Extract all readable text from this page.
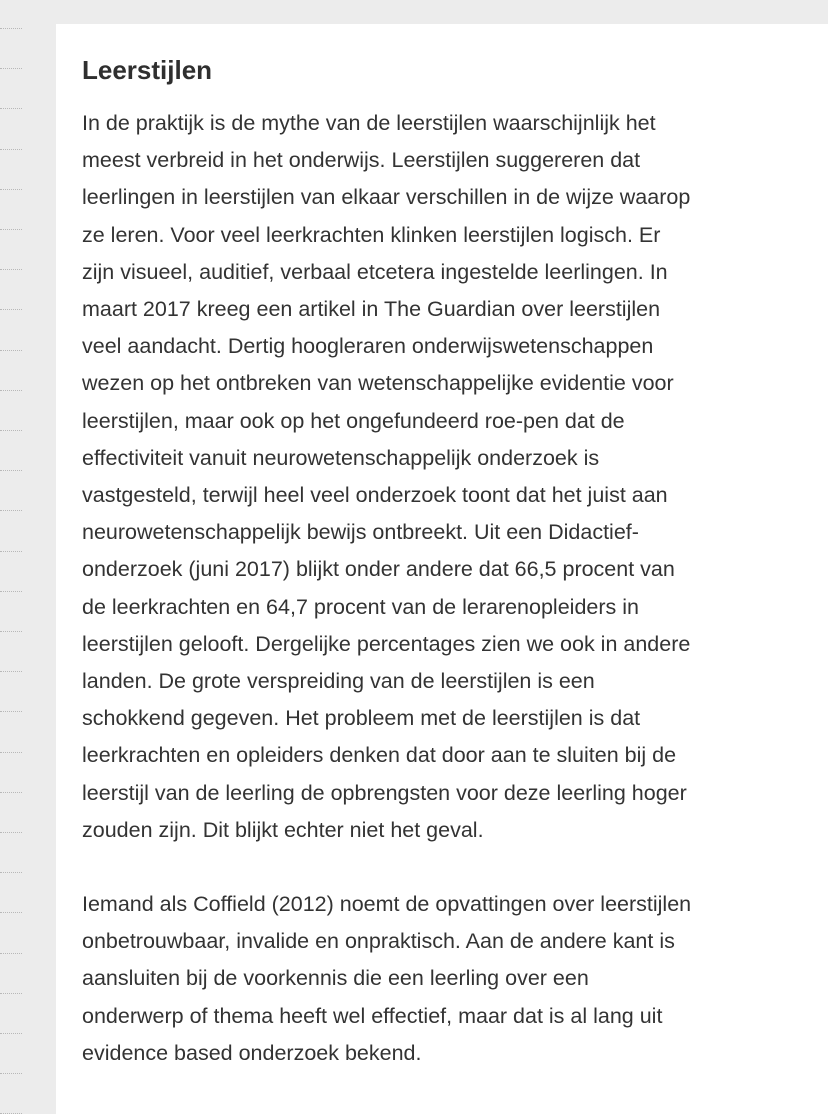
Leerstijlen

In de praktijk is de mythe van de leerstijlen waarschijnlijk het
meest verbreid in het onderwijs. Leerstijlen suggereren dat
leerlingen in leerstijlen van elkaar verschillen in de wijze waarop
ze leren. Voor veel leerkrachten klinken leerstijlen logisch. Er
zijn visueel, auditief, verbaal etcetera ingestelde leerlingen. In
maart 2017 kreeg een artikel in The Guardian over leerstijlen
veel aandacht. Dertig hoogleraren onderwijswetenschappen
wezen op het ontbreken van wetenschappelijke evidentie voor
leerstijlen, maar ook op het ongefundeerd roe-pen dat de
effectiviteit vanuit neurowetenschappelijk onderzoek is
vastgesteld, terwijl heel veel onderzoek toont dat het juist aan
neurowetenschappelijk bewijs ontbreekt. Uit een Didactief-
onderzoek (juni 2017) blijkt onder andere dat 66,5 procent van
de leerkrachten en 64,7 procent van de lerarenopleiders in
leerstijlen gelooft. Dergelijke percentages zien we ook in andere
landen. De grote verspreiding van de leerstijlen is een
schokkend gegeven. Het probleem met de leerstijlen is dat
leerkrachten en opleiders denken dat door aan te sluiten bij de
leerstijl van de leerling de opbrengsten voor deze leerling hoger
zouden zijn. Dit blijkt echter niet het geval.

Iemand als Coffield (2012) noemt de opvattingen over leerstijlen
onbetrouwbaar, invalide en onpraktisch. Aan de andere kant is
aansluiten bij de voorkennis die een leerling over een
onderwerp of thema heeft wel effectief, maar dat is al lang uit
evidence based onderzoek bekend.
